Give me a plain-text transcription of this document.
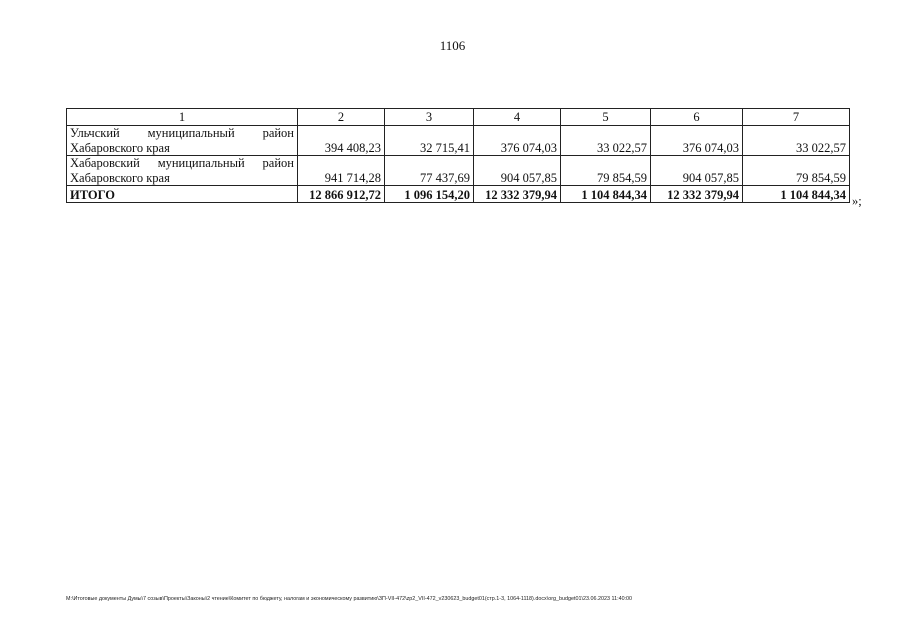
1106
1	2	3	4	5	6	7
Ульчский муниципальный район Хабаровского края	394 408,23	32 715,41	376 074,03	33 022,57	376 074,03	33 022,57
Хабаровский муниципальный район Хабаровского края	941 714,28	77 437,69	904 057,85	79 854,59	904 057,85	79 854,59
ИТОГО	12 866 912,72	1 096 154,20	12 332 379,94	1 104 844,34	12 332 379,94	1 104 844,34 »;
M:\Итоговые документы Думы\7 созыв\Проекты\Законы\2 чтение\Комитет по бюджету, налогам и экономическому развитию\ЗП-VII-472\zp2_VII-472_v230623_budget01(стр.1-3, 1064-1118).docx\org_budget01\23.06.2023 11:40:00
